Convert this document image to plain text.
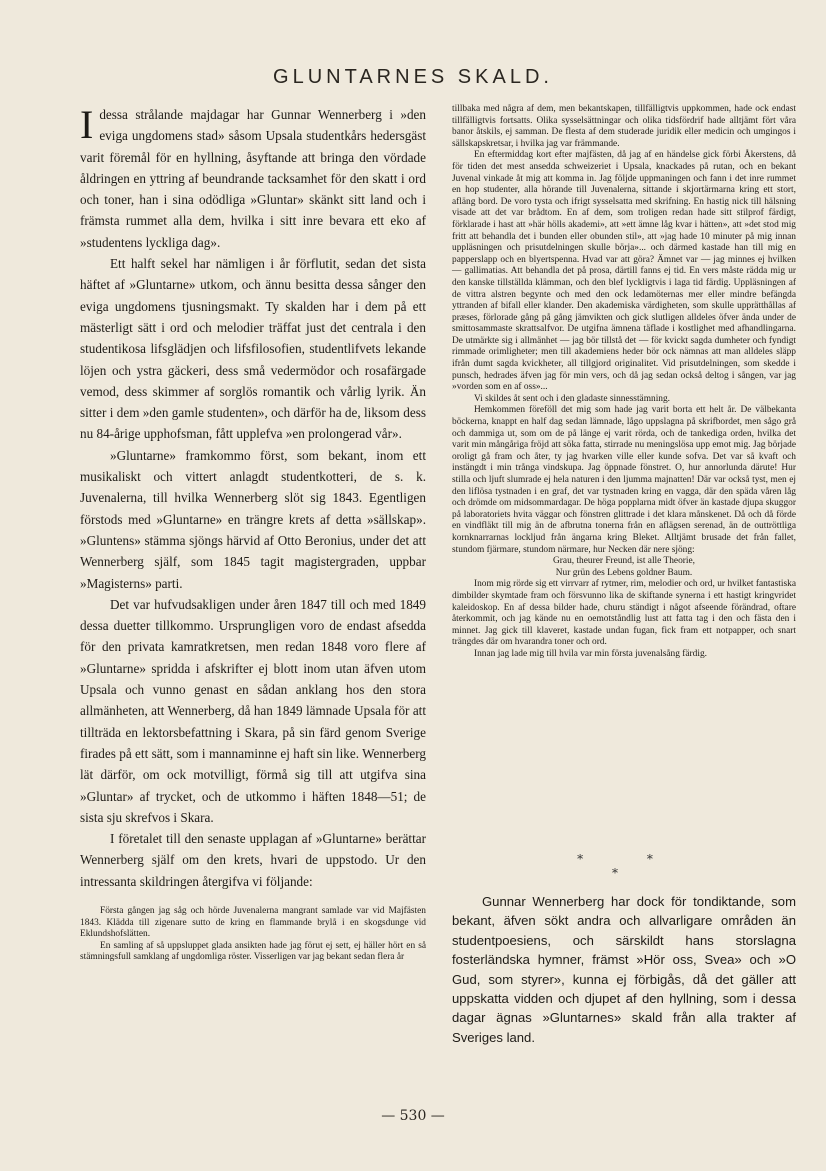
GLUNTARNES SKALD.

Idessa strålande majdagar har Gunnar Wennerberg i »den eviga ungdomens stad» såsom Upsala studentkårs hedersgäst varit föremål för en hyllning, åsyftande att bringa den vördade åldringen en yttring af beundrande tacksamhet för den skatt i ord och toner, han i sina odödliga »Gluntar» skänkt sitt land och i främsta rummet alla dem, hvilka i sitt inre bevara ett eko af »studentens lyckliga dag».

Ett halft sekel har nämligen i år förflutit, sedan det sista häftet af »Gluntarne» utkom, och ännu besitta dessa sånger den eviga ungdomens tjusningsmakt. Ty skalden har i dem på ett mästerligt sätt i ord och melodier träffat just det centrala i den studentikosa lifsglädjen och lifsfilosofien, studentlifvets lekande löjen och ystra gäckeri, dess små vedermödor och rosafärgade vemod, dess skimmer af sorglös romantik och vårlig lyrik. Än sitter i dem »den gamle studenten», och därför ha de, liksom dess nu 84-årige upphofsman, fått upplefva »en prolongerad vår».

»Gluntarne» framkommo först, som bekant, inom ett musikaliskt och vittert anlagdt studentkotteri, de s. k. Juvenalerna, till hvilka Wennerberg slöt sig 1843. Egentligen förstods med »Gluntarne» en trängre krets af detta »sällskap». »Gluntens» stämma sjöngs härvid af Otto Beronius, under det att Wennerberg själf, som 1845 tagit magistergraden, uppbar »Magisterns» parti.

Det var hufvudsakligen under åren 1847 till och med 1849 dessa duetter tillkommo. Ursprungligen voro de endast afsedda för den privata kamratkretsen, men redan 1848 voro flere af »Gluntarne» spridda i afskrifter ej blott inom utan äfven utom Upsala och vunno genast en sådan anklang hos den stora allmänheten, att Wennerberg, då han 1849 lämnade Upsala för att tillträda en lektorsbefattning i Skara, på sin färd genom Sverige firades på ett sätt, som i mannaminne ej haft sin like. Wennerberg lät därför, om ock motvilligt, förmå sig till att utgifva sina »Gluntar» af trycket, och de utkommo i häften 1848—51; de sista sju skrefvos i Skara.

I företalet till den senaste upplagan af »Gluntarne» berättar Wennerberg själf om den krets, hvari de uppstodo. Ur den intressanta skildringen återgifva vi följande:

Första gången jag såg och hörde Juvenalerna mangrant samlade var vid Majfästen 1843. Klädda till zigenare sutto de kring en flammande brylå i en skogsdunge vid Eklundshofslätten.

En samling af så uppsluppet glada ansikten hade jag förut ej sett, ej häller hört en så stämningsfull samklang af ungdomliga röster. Visserligen var jag bekant sedan flera år

tillbaka med några af dem, men bekantskapen, tillfälligtvis uppkommen, hade ock endast tillfälligtvis fortsatts. Olika sysselsättningar och olika tidsfördrif hade alltjämt fört våra banor åtskils, ej samman. De flesta af dem studerade juridik eller medicin och umgingos i sällskapskretsar, i hvilka jag var främmande.

En eftermiddag kort efter majfästen, då jag af en händelse gick förbi Åkerstens, då för tiden det mest ansedda schweizeriet i Upsala, knackades på rutan, och en bekant Juvenal vinkade åt mig att komma in. Jag följde uppmaningen och fann i det inre rummet en hop studenter, alla hörande till Juvenalerna, sittande i skjortärmarna kring ett stort, afläng bord. De voro tysta och ifrigt sysselsatta med skrifning. En hastig nick till hälsning visade att det var brådtom. En af dem, som troligen redan hade sitt stilprof färdigt, förklarade i hast att »här hölls akademi», att »ett ämne låg kvar i hätten», att »det stod mig fritt att behandla det i bunden eller obunden stil», att »jag hade 10 minuter på mig innan uppläsningen och prisutdelningen skulle börja»... och därmed kastade han till mig en papperslapp och en blyertspenna. Hvad var att göra? Ämnet var — jag minnes ej hvilken — gallimatias. Att behandla det på prosa, därtill fanns ej tid. En vers måste rädda mig ur den kanske tillställda klämman, och den blef lyckligtvis i laga tid färdig. Uppläsningen af de vittra alstren begynte och med den ock ledamöternas mer eller mindre befängda yttranden af bifall eller klander. Den akademiska värdigheten, som skulle upprätthållas af præses, förlorade gång på gång jämvikten och gick slutligen alldeles öfver ända under de smittosammaste skrattsalfvor. De utgifna ämnena täflade i kostlighet med afhandlingarna. De utmärkte sig i allmänhet — jag bör tillstå det — för kvickt sagda dumheter och fyndigt rimmade orimligheter; men till akademiens heder bör ock nämnas att man alldeles släpp ifrån dumt sagda kvickheter, all tillgjord originalitet. Vid prisutdelningen, som skedde i punsch, hedrades äfven jag för min vers, och då jag sedan också deltog i sången, var jag »vorden som en af oss»...

Vi skildes åt sent och i den gladaste sinnesstämning.

Hemkommen föreföll det mig som hade jag varit borta ett helt år. De välbekanta böckerna, knappt en half dag sedan lämnade, lågo uppslagna på skrifbordet, men sågo grå och dammiga ut, som om de på länge ej varit rörda, och de tankediga orden, hvilka det varit min mångåriga fröjd att söka fatta, stirrade nu meningslösa upp emot mig. Jag började oroligt gå fram och åter, ty jag hvarken ville eller kunde sofva. Det var så kvaft och instängdt i min trånga vindskupa. Jag öppnade fönstret. O, hur annorlunda därute! Hur stilla och ljuft slumrade ej hela naturen i den ljumma majnatten! Där var också tyst, men ej den liflösa tystnaden i en graf, det var tystnaden kring en vagga, där den späda våren låg och drömde om midsommardagar. De höga popplarna midt öfver än kastade djupa skuggor på laboratoriets hvita väggar och fönstren glittrade i det klara månskenet. Då och då förde en vindfläkt till mig än de afbrutna tonerna från en aflägsen serenad, än de outtröttliga kornknarrarnas lockljud från ängarna kring Bleket. Alltjämt brusade det från fallet, stundom fjärmare, stundom närmare, hur Necken där nere sjöng:

Grau, theurer Freund, ist alle Theorie,

Nur grün des Lebens goldner Baum.

Inom mig rörde sig ett virrvarr af rytmer, rim, melodier och ord, ur hvilket fantastiska dimbilder skymtade fram och försvunno lika de skiftande synerna i ett hastigt kringvridet kaleidoskop. En af dessa bilder hade, churu ständigt i något afseende förändrad, oftare återkommit, och jag kände nu en oemotståndlig lust att fatta tag i den och fästa den i minnet. Jag gick till klaveret, kastade undan fugan, fick fram ett notpapper, och snart trängdes där om hvarandra toner och ord.

Innan jag lade mig till hvila var min första juvenalsång färdig.

* * *

Gunnar Wennerberg har dock för tondiktande, som bekant, äfven sökt andra och allvarligare områden än studentpoesiens, och särskildt hans storslagna fosterländska hymner, främst »Hör oss, Svea» och »O Gud, som styrer», kunna ej förbigås, då det gäller att uppskatta vidden och djupet af den hyllning, som i dessa dagar ägnas »Gluntarnes» skald från alla trakter af Sveriges land.

— 530 —
